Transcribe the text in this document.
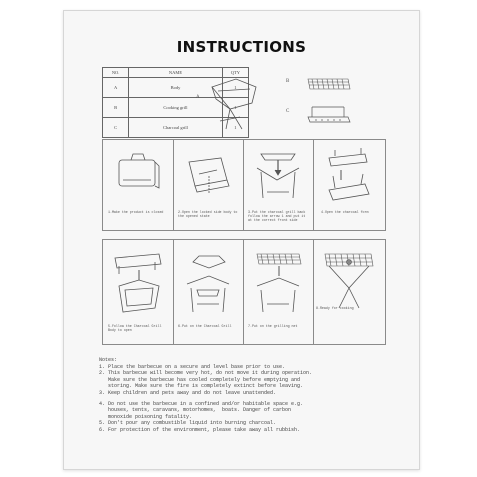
INSTRUCTIONS
NO.	NAME	QTY
A	Body	1
B	Cooking grill	1
C	Charcoal grill	1
A
B
C
1.Make the product is closed	2.Open the locked side body to the opened state
3.Put the charcoal grill back follow the arrow 1 and put it at the correct front side
4.Open the charcoal form
5.Follow the Charcoal Grill Body to open
6.Put on the Charcoal Grill	7.Put on the grilling net
8.Ready for cooking
Notes:
1. Place the barbecue on a secure and level base prior to use.
2. This barbecue will become very hot, do not move it during operation.
Make sure the barbecue has cooled completely before emptying and
storing. Make sure the fire is completely extinct before leaving.
3. Keep children and pets away and do not leave unattended.
4. Do not use the barbecue in a confined and/or habitable space e.g.
houses, tents, caravans, motorhomes,  boats. Danger of carbon
monoxide poisoning fatality.
5. Don't pour any combustible liquid into burning charcoal.
6. For protection of the environment, please take away all rubbish.
